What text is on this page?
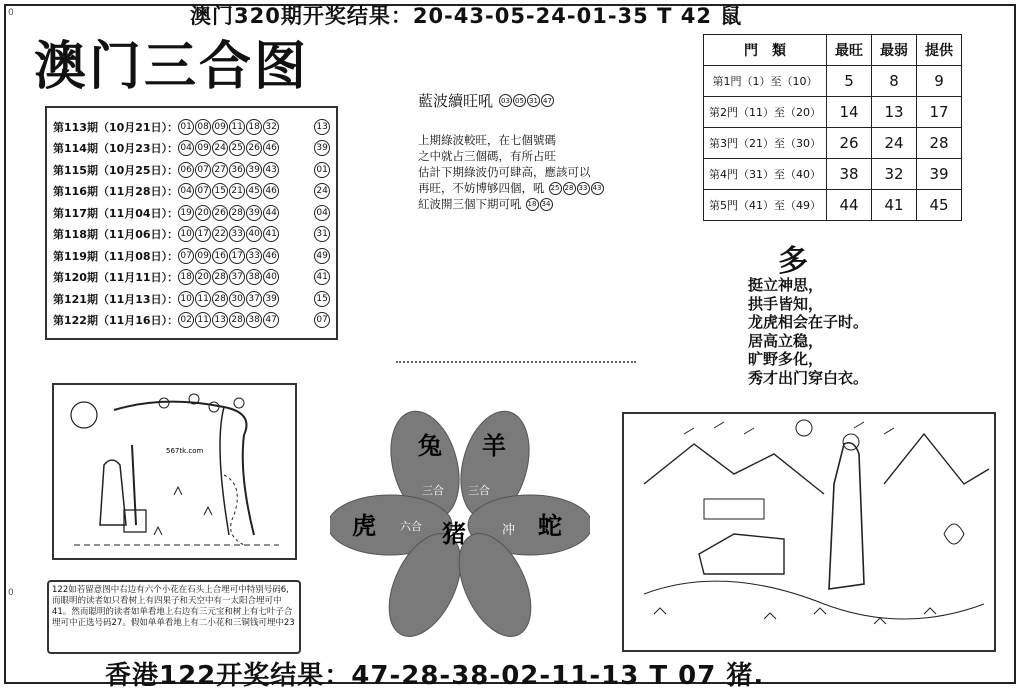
0
0
澳门320期开奖结果：20-43-05-24-01-35 T 42 鼠
澳门三合图
第113期（10月21日）： 01 08 09 11 18 32	13
第114期（10月23日）： 04 09 24 25 26 46	39
第115期（10月25日）： 06 07 27 36 39 43	01
第116期（11月28日）： 04 07 15 21 45 46	24
第117期（11月04日）： 19 20 26 28 39 44	04
第118期（11月06日）： 10 17 22 33 40 41	31
第119期（11月08日）： 07 09 16 17 33 46	49
第120期（11月11日）： 18 20 28 37 38 40	41
第121期（11月13日）： 10 11 28 30 37 39	15
第122期（11月16日）： 02 11 13 28 38 47	07
藍波續旺吼 03 05 31 47
上期綠波較旺，在七個號碼
之中就占三個碼，有所占旺
估計下期綠波仍可肆高，應該可以
再旺，不妨博够四個，吼 25 28 33 43
紅波開三個下期可吼 18 34
門　類	最旺	最弱	提供
第1門（1）至（10）	5	8	9
第2門（11）至（20）	14	13	17
第3門（21）至（30）	26	24	28
第4門（31）至（40）	38	32	39
第5門（41）至（49）	44	41	45
多
挺立神思，
拱手皆知，
龙虎相会在子时。
居高立稳，
旷野多化，
秀才出门穿白衣。
567tk.com	兔 羊
虎	蛇
猪
三合 三合
六合	冲
122如若留意图中右边有六个小花在石头上合埋可中特别号码6,而眼明的读者如只看树上有四果子和天空中有一太阳合埋可中41。然而聪明的读者如单看地上右边有三元宝和树上有七叶子合埋可中正选号码27。假如单单看地上有二小花和三铜钱可埋中23
香港122开奖结果：47-28-38-02-11-13 T 07 猪.
